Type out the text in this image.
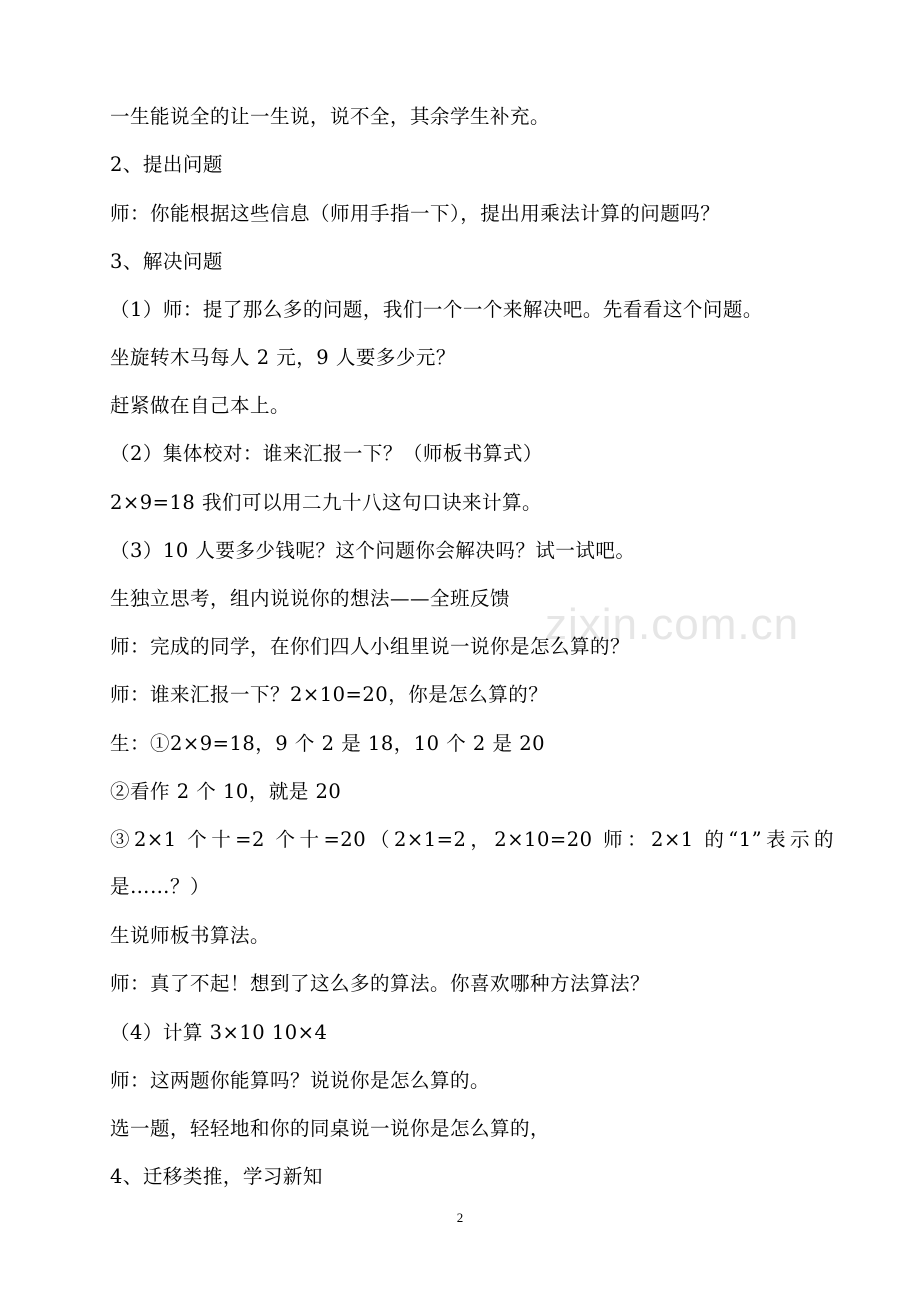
zixin.com.cn
一生能说全的让一生说，说不全，其余学生补充。
2、提出问题
师：你能根据这些信息（师用手指一下），提出用乘法计算的问题吗？
3、解决问题
（1）师：提了那么多的问题，我们一个一个来解决吧。先看看这个问题。
坐旋转木马每人 2 元，9 人要多少元？
赶紧做在自己本上。
（2）集体校对：谁来汇报一下？（师板书算式）
2×9=18 我们可以用二九十八这句口诀来计算。
（3）10 人要多少钱呢？这个问题你会解决吗？试一试吧。
生独立思考，组内说说你的想法——全班反馈
师：完成的同学，在你们四人小组里说一说你是怎么算的？
师：谁来汇报一下？2×10=20，你是怎么算的？
生：①2×9=18，9 个 2 是 18，10 个 2 是 20
②看作 2 个 10，就是 20
③2×1 个十=2 个十=20（2×1=2，2×10=20 师：2×1 的“1”表示的是……？）
生说师板书算法。
师：真了不起！想到了这么多的算法。你喜欢哪种方法算法？
（4）计算 3×10 10×4
师：这两题你能算吗？说说你是怎么算的。
选一题，轻轻地和你的同桌说一说你是怎么算的，
4、迁移类推，学习新知
2
